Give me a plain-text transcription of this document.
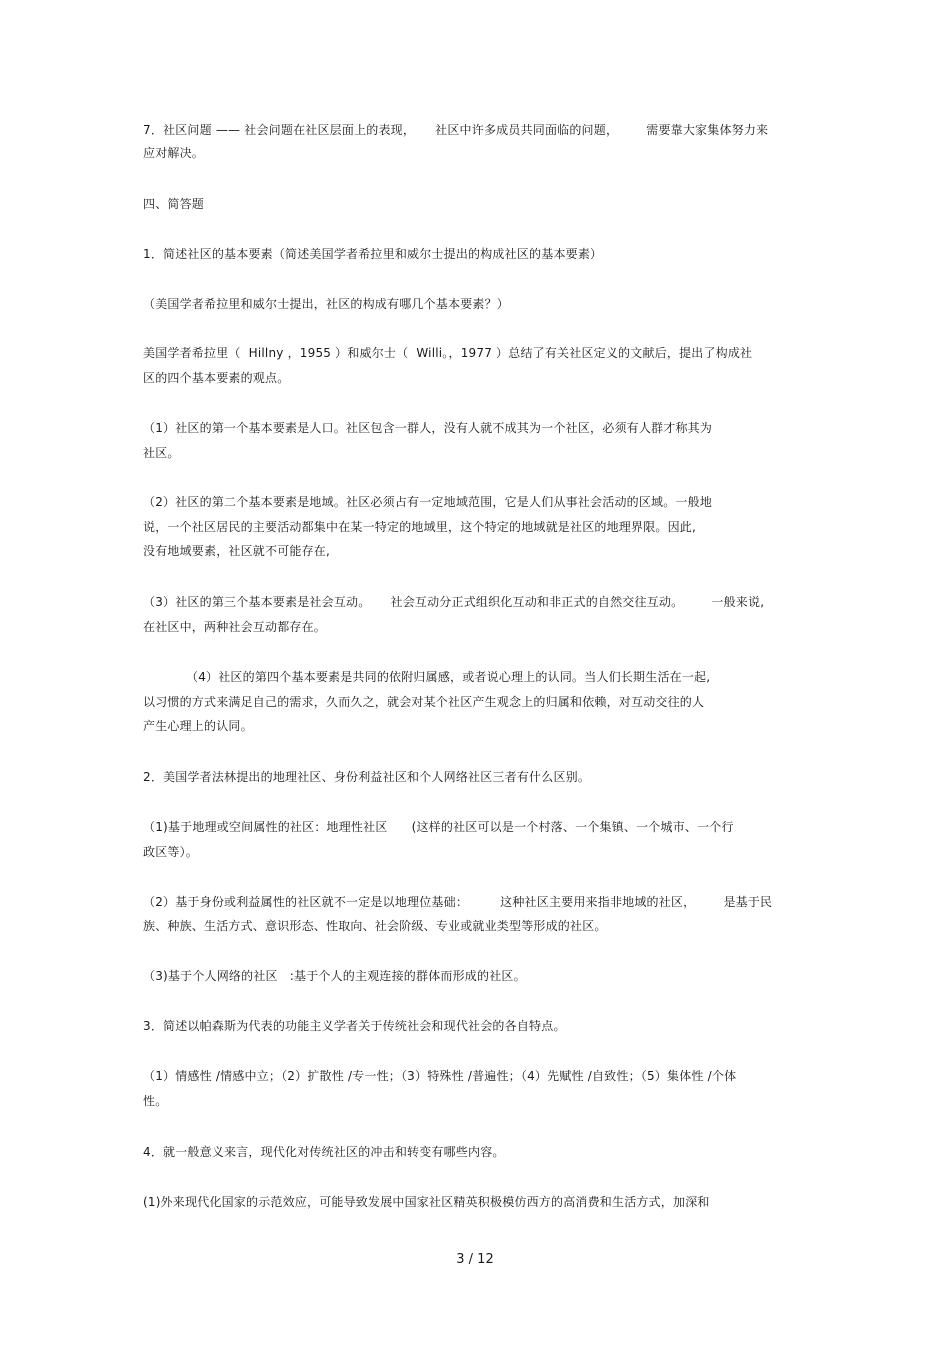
7．社区问题 —— 社会问题在社区层面上的表现，     社区中许多成员共同面临的问题，       需要靠大家集体努力来
应对解决。
四、简答题
1．简述社区的基本要素（简述美国学者希拉里和威尔士提出的构成社区的基本要素）
（美国学者希拉里和威尔士提出，社区的构成有哪几个基本要素？）
美国学者希拉里（  Hillny ，1955 ）和威尔士（  Willi。，1977 ）总结了有关社区定义的文献后，提出了构成社
区的四个基本要素的观点。
（1）社区的第一个基本要素是人口。社区包含一群人，没有人就不成其为一个社区，必须有人群才称其为
社区。
（2）社区的第二个基本要素是地域。社区必须占有一定地域范围，它是人们从事社会活动的区域。一般地
说，一个社区居民的主要活动都集中在某一特定的地域里，这个特定的地域就是社区的地理界限。因此,
没有地域要素，社区就不可能存在,
（3）社区的第三个基本要素是社会互动。     社会互动分正式组织化互动和非正式的自然交往互动。       一般来说,
在社区中，两种社会互动都存在。
（4）社区的第四个基本要素是共同的依附归属感，或者说心理上的认同。当人们长期生活在一起,
以习惯的方式来满足自己的需求，久而久之，就会对某个社区产生观念上的归属和依赖，对互动交往的人
产生心理上的认同。
2．美国学者法林提出的地理社区、身份利益社区和个人网络社区三者有什么区别。
（1)基于地理或空间属性的社区：地理性社区      (这样的社区可以是一个村落、一个集镇、一个城市、一个行
政区等）。
（2）基于身份或利益属性的社区就不一定是以地理位基础：        这种社区主要用来指非地域的社区，       是基于民
族、种族、生活方式、意识形态、性取向、社会阶级、专业或就业类型等形成的社区。
（3)基于个人网络的社区   :基于个人的主观连接的群体而形成的社区。
3．简述以帕森斯为代表的功能主义学者关于传统社会和现代社会的各自特点。
（1）情感性 /情感中立；（2）扩散性 /专一性；（3）特殊性 /普遍性；（4）先赋性 /自致性；（5）集体性 /个体
性。
4．就一般意义来言，现代化对传统社区的冲击和转变有哪些内容。
(1)外来现代化国家的示范效应，可能导致发展中国家社区精英积极模仿西方的高消费和生活方式，加深和
3 / 12
